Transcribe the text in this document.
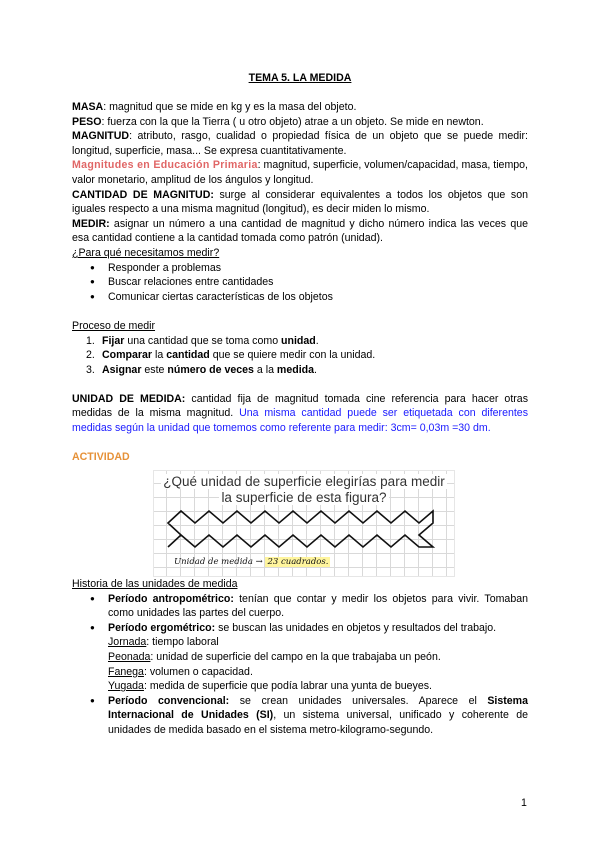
TEMA 5. LA MEDIDA

MASA: magnitud que se mide en kg y es la masa del objeto.

PESO: fuerza con la que la Tierra ( u otro objeto) atrae a un objeto. Se mide en newton.

MAGNITUD: atributo, rasgo, cualidad o propiedad física de un objeto que se puede medir: longitud, superficie, masa... Se expresa cuantitativamente.

Magnitudes en Educación Primaria: magnitud, superficie, volumen/capacidad, masa, tiempo, valor monetario, amplitud de los ángulos y longitud.

CANTIDAD DE MAGNITUD: surge al considerar equivalentes a todos los objetos que son iguales respecto a una misma magnitud (longitud), es decir miden lo mismo.

MEDIR: asignar un número a una cantidad de magnitud y dicho número indica las veces que esa cantidad contiene a la cantidad tomada como patrón (unidad).

¿Para qué necesitamos medir?

● Responder a problemas
● Buscar relaciones entre cantidades
● Comunicar ciertas características de los objetos

Proceso de medir

Fijar una cantidad que se toma como unidad.
Comparar la cantidad que se quiere medir con la unidad.
Asignar este número de veces a la medida.

UNIDAD DE MEDIDA: cantidad fija de magnitud tomada cine referencia para hacer otras medidas de la misma magnitud. Una misma cantidad puede ser etiquetada con diferentes medidas según la unidad que tomemos como referente para medir: 3cm= 0,03m =30 dm.

ACTIVIDAD

¿Qué unidad de superficie elegirías para medir
la superficie de esta figura?
Unidad de medida → 23 cuadrados.

Historia de las unidades de medida

● Período antropométrico: tenían que contar y medir los objetos para vivir. Tomaban como unidades las partes del cuerpo.
● Período ergométrico: se buscan las unidades en objetos y resultados del trabajo.
Jornada: tiempo laboral
Peonada: unidad de superficie del campo en la que trabajaba un peón.
Fanega: volumen o capacidad.
Yugada: medida de superficie que podía labrar una yunta de bueyes.
● Período convencional: se crean unidades universales. Aparece el Sistema Internacional de Unidades (SI), un sistema universal, unificado y coherente de unidades de medida basado en el sistema metro-kilogramo-segundo.
1
